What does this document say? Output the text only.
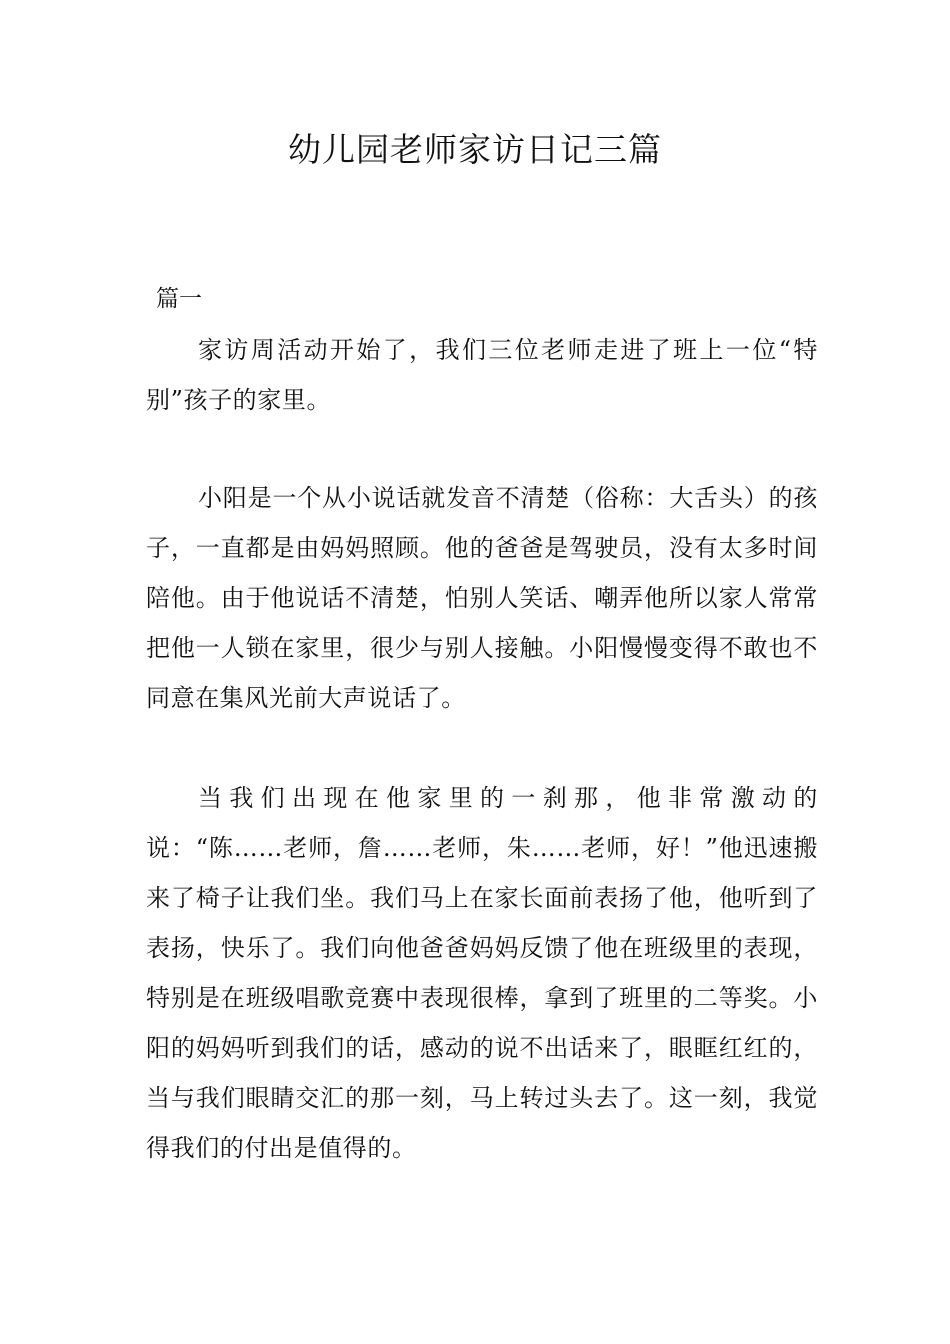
幼儿园老师家访日记三篇
篇一

家访周活动开始了，我们三位老师走进了班上一位“特别”孩子的家里。

小阳是一个从小说话就发音不清楚（俗称：大舌头）的孩子，一直都是由妈妈照顾。他的爸爸是驾驶员，没有太多时间陪他。由于他说话不清楚，怕别人笑话、嘲弄他所以家人常常把他一人锁在家里，很少与别人接触。小阳慢慢变得不敢也不同意在集风光前大声说话了。

当我们出现在他家里的一刹那，他非常激动的说：“陈……老师，詹……老师，朱……老师，好！”他迅速搬来了椅子让我们坐。我们马上在家长面前表扬了他，他听到了表扬，快乐了。我们向他爸爸妈妈反馈了他在班级里的表现，特别是在班级唱歌竞赛中表现很棒，拿到了班里的二等奖。小阳的妈妈听到我们的话，感动的说不出话来了，眼眶红红的，当与我们眼睛交汇的那一刻，马上转过头去了。这一刻，我觉得我们的付出是值得的。
